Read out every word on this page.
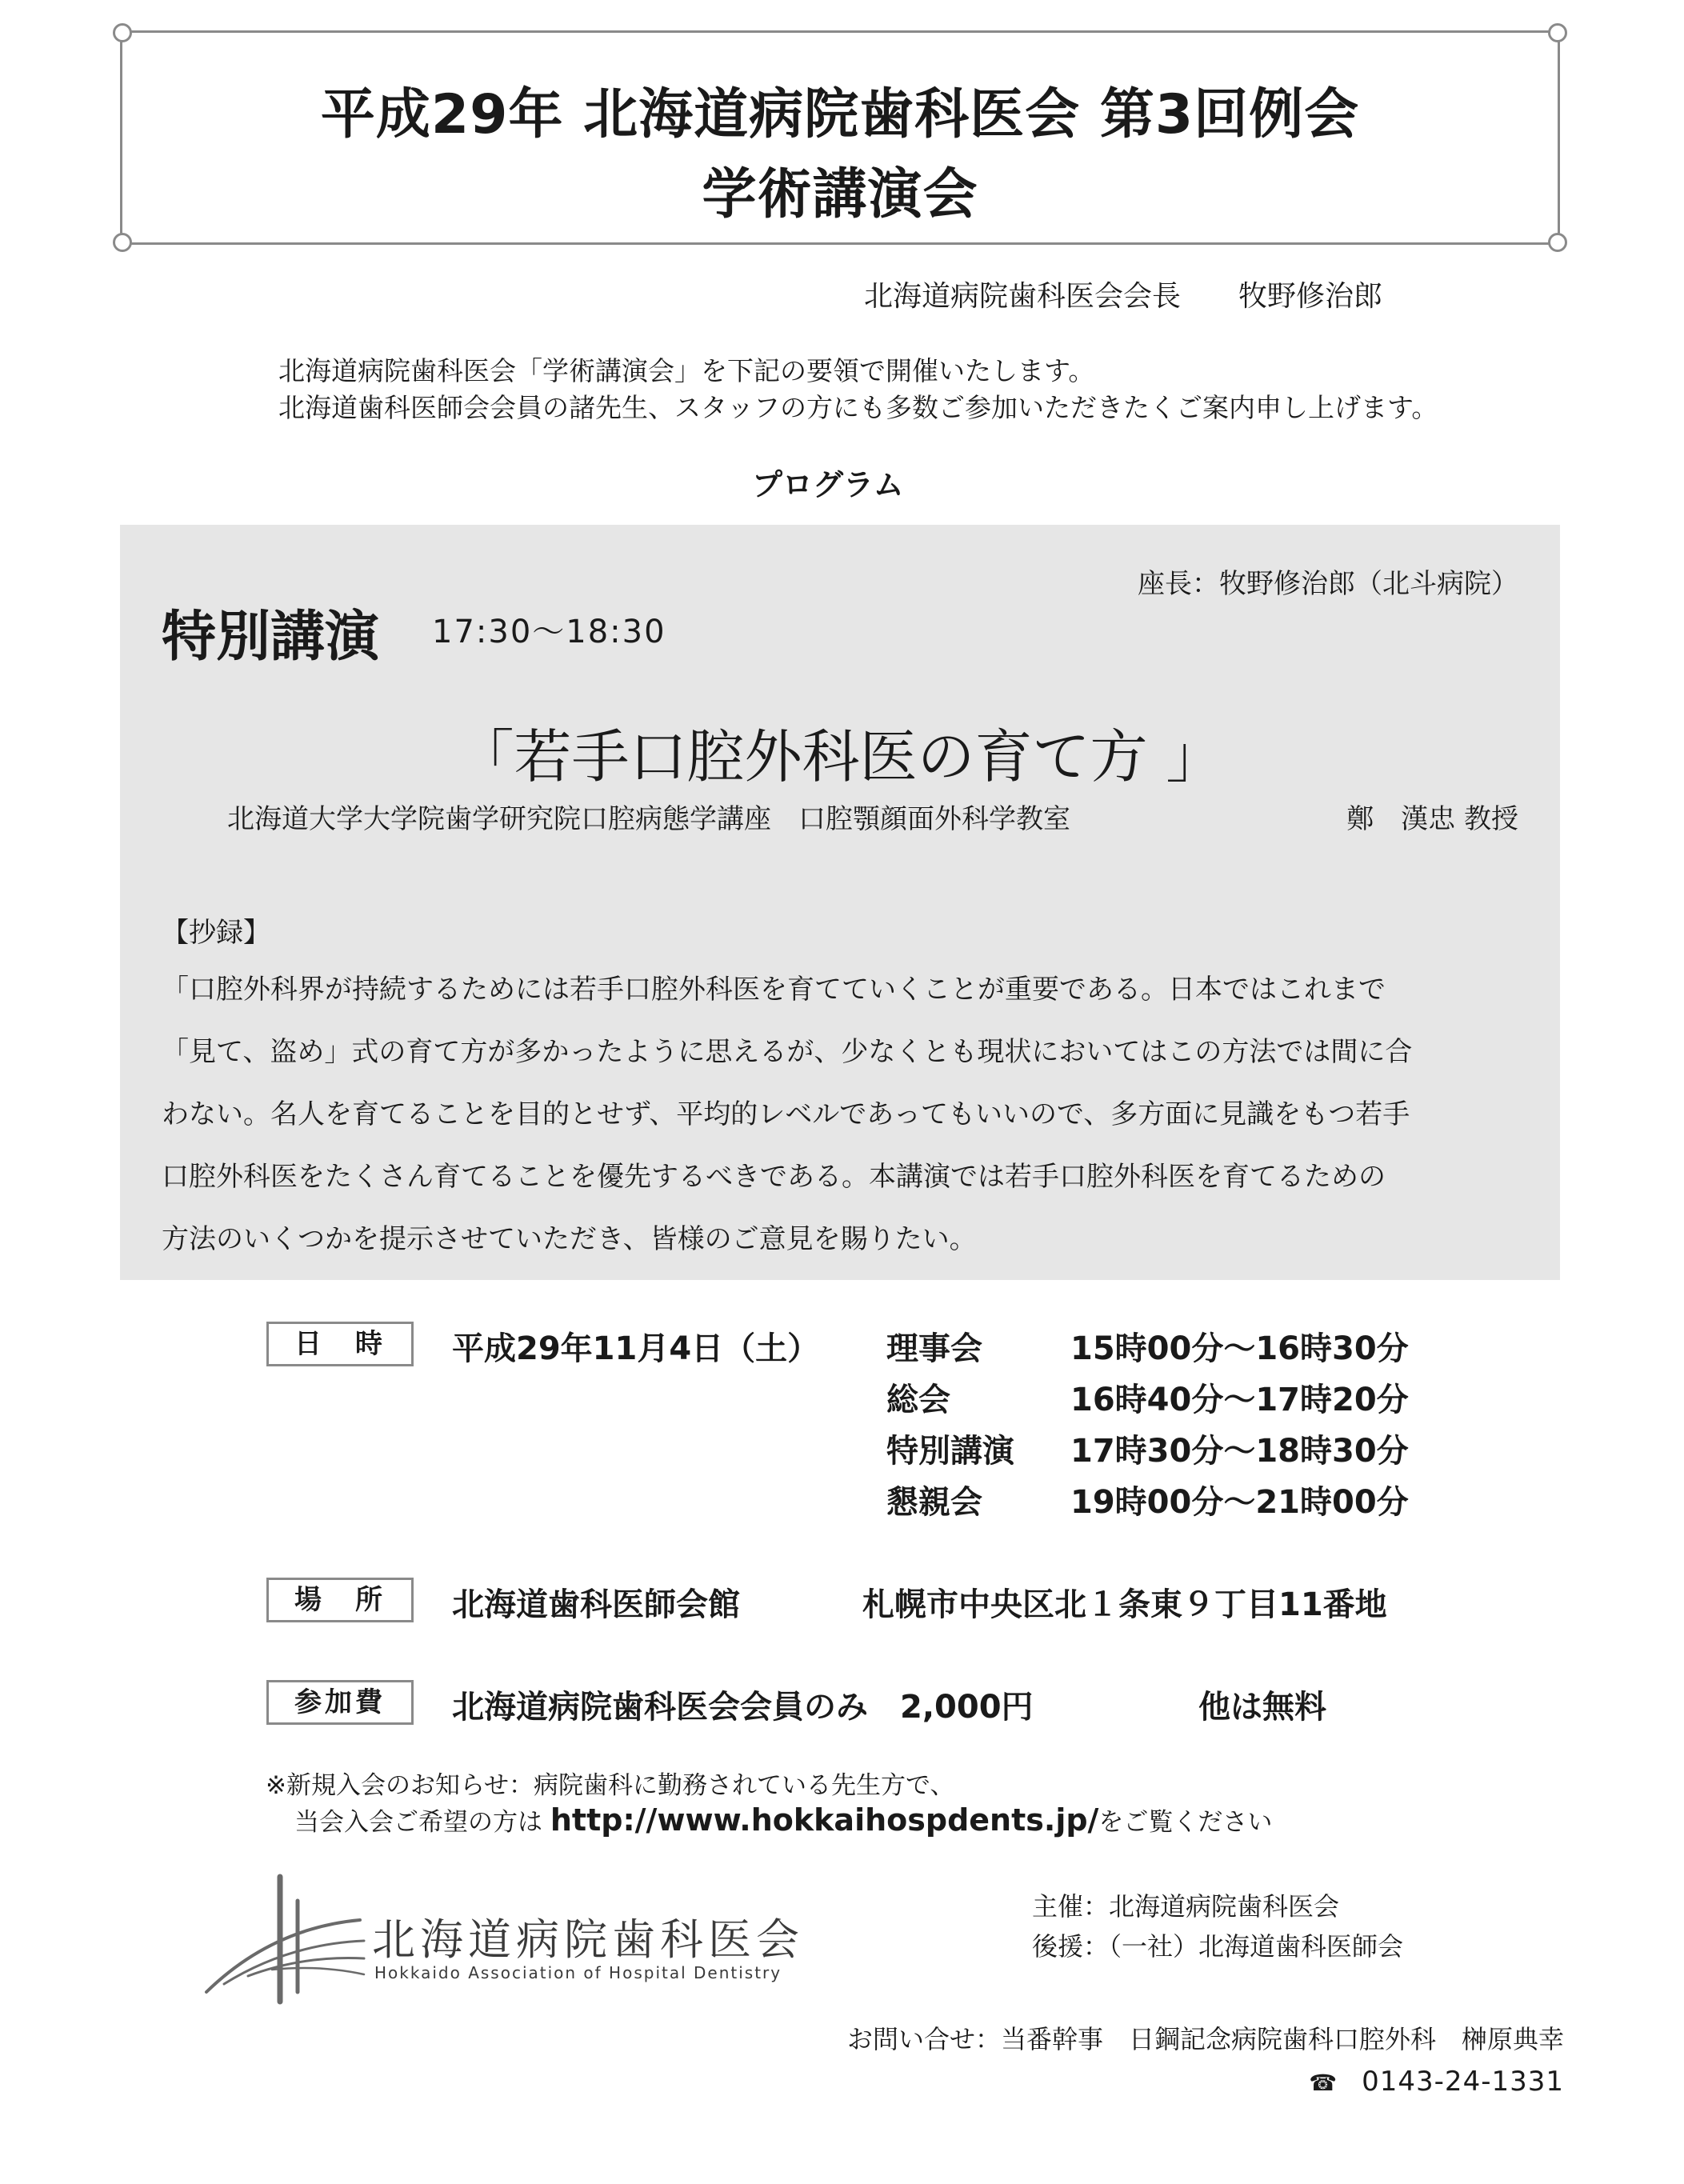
平成29年 北海道病院歯科医会 第3回例会
学術講演会
北海道病院歯科医会会長　　牧野修治郎
北海道病院歯科医会「学術講演会」を下記の要領で開催いたします。
北海道歯科医師会会員の諸先生、スタッフの方にも多数ご参加いただきたくご案内申し上げます。
プログラム
座長：牧野修治郎（北斗病院）
特別講演 17:30〜18:30
「若手口腔外科医の育て方 」
北海道大学大学院歯学研究院口腔病態学講座　口腔顎顔面外科学教室	鄭　漢忠 教授
【抄録】
「口腔外科界が持続するためには若手口腔外科医を育てていくことが重要である。日本ではこれまで
「見て、盗め」式の育て方が多かったように思えるが、少なくとも現状においてはこの方法では間に合
わない。名人を育てることを目的とせず、平均的レベルであってもいいので、多方面に見識をもつ若手
口腔外科医をたくさん育てることを優先するべきである。本講演では若手口腔外科医を育てるための
方法のいくつかを提示させていただき、皆様のご意見を賜りたい。
日　時	平成29年11月4日（土） 理事会	15時00分〜16時30分
総会	16時40分〜17時20分
特別講演 17時30分〜18時30分
懇親会	19時00分〜21時00分
場　所	北海道歯科医師会館	札幌市中央区北１条東９丁目11番地
参加費	北海道病院歯科医会会員のみ　2,000円	他は無料
※新規入会のお知らせ：病院歯科に勤務されている先生方で、
当会入会ご希望の方は http://www.hokkaihospdents.jp/をご覧ください
北海道病院歯科医会
Hokkaido Association of Hospital Dentistry
主催：北海道病院歯科医会
後援：（一社）北海道歯科医師会
お問い合せ：当番幹事　日鋼記念病院歯科口腔外科　榊原典幸
☎ 0143-24-1331
